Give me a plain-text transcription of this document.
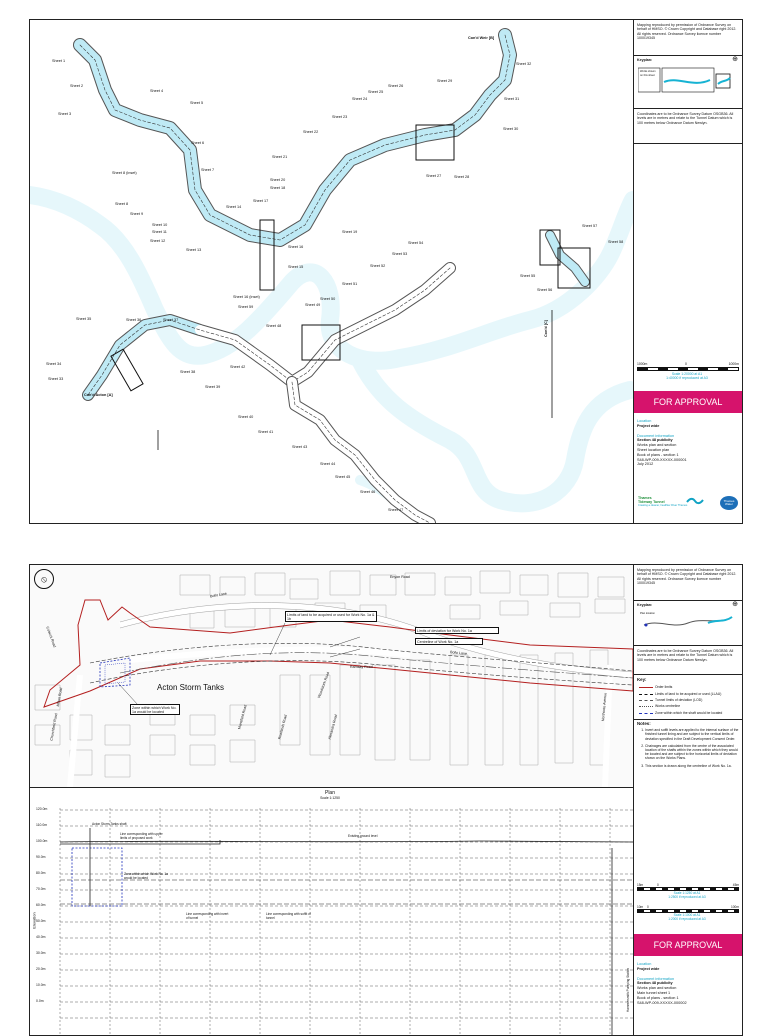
Sheet 1
Sheet 2
Sheet 3
Sheet 4
Sheet 5
Sheet 6
Sheet 7
Sheet 8 (inset)
Sheet 8
Sheet 9
Sheet 10
Sheet 11
Sheet 12
Sheet 13
Sheet 14
Sheet 15
Sheet 16
Sheet 17
Sheet 18
Sheet 19
Sheet 16 (inset)
Sheet 20
Sheet 21
Sheet 22
Sheet 23
Sheet 24
Sheet 25
Sheet 26
Sheet 27	Sheet 28
Sheet 29
Sheet 30
Sheet 31
Sheet 32
Sheet 33
Sheet 34
Sheet 35	Sheet 36	Sheet 37
Sheet 38
Sheet 39
Sheet 40
Sheet 41
Sheet 42
Sheet 43
Sheet 44
Sheet 45
Sheet 46
Sheet 47
Sheet 48
Sheet 49
Sheet 50
Sheet 51
Sheet 52
Sheet 53
Sheet 54
Sheet 55
Sheet 56
Sheet 57
Sheet 58
Sheet 59
Con'd Weir [B]
Con'd Acton [A]
Con'd [C]
Mapping reproduced by permission of Ordnance Survey on behalf of HMSO. © Crown Copyright and Database right 2012. All rights reserved. Ordnance Survey licence number 100019345
Keyplan:
Works shown on this sheet
⊕
Coordinates are to be Ordnance Survey Datum OSGB36. All levels are in metres and relate to the Tunnel Datum which is 100 metres below Ordnance Datum Newlyn.
1000m	0	1000m
Scale 1:20000 at A1
1:40000 if reproduced at A3
FOR APPROVAL
Location
Project wide
Document information
Section 48 publicity
Works plan and section
Sheet location plan
Book of plans - section 1
S48-WP-009-XXXXX-000001
July 2012
Thames
Tideway Tunnel
Creating a cleaner, healthier River Thames
Thames
Water
⦸
Bollo Lane
Bollo Lane
Enyon Road
Colwick Road
Woodstock Road
Ramsay Road
Mansfield Road	Rowlands Road	Alexandra Road
Milton Road	Northcote Avenue
Churchfield Road
Acton Storm Tanks
Limits of land to be acquired or used for Work No. 1a & 1b
Limits of deviation for Work No. 1a
Centreline of Work No. 1a
Zone within which Work No. 1a would be located
Plan
Scale 1:1250
120.0m
110.0m
100.0m
90.0m
80.0m
70.0m
60.0m
50.0m
40.0m
30.0m
20.0m
10.0m
0.0m
Elevation
Acton Storm Tanks shaft
Line corresponding with upper limits of proposed work
Zone within which Work No. 1a would be located
Existing ground level
Line corresponding with invert of tunnel
Line corresponding with soffit of tunnel
Hammersmith Pumping Station
Mapping reproduced by permission of Ordnance Survey on behalf of HMSO. © Crown Copyright and Database right 2012. All rights reserved. Ordnance Survey licence number 100019345
Keyplan:
Plan location
⊕
Coordinates are to be Ordnance Survey Datum OSGB36. All levels are in metres and relate to the Tunnel Datum which is 100 metres below Ordnance Datum Newlyn.
Key:
Order limits
Limits of land to be acquired or used (LLAU)
Tunnel limits of deviation (LOD)
Works centreline
Zone within which the shaft would be located
Notes:
1. Invert and soffit levels are applied to the internal surface of the finished tunnel lining and are subject to the vertical limits of deviation specified in the Draft Development Consent Order.
2. Chainages are calculated from the centre of the associated location of the shafts within the zones within which they would be located and are subject to the horizontal limits of deviation shown on the Works Plans.
3. This section is drawn along the centreline of Work No. 1a.
15m	0	45m
Scale 1:1250 at A1
1:2500 if reproduced at A3
10m 0	100m
Scale 1:1000 at A1
1:2000 if reproduced at A3
FOR APPROVAL
Location
Project wide
Document information
Section 48 publicity
Works plan and section
Main tunnel sheet 1
Book of plans - section 1
S48-WP-009-XXXXX-000002
